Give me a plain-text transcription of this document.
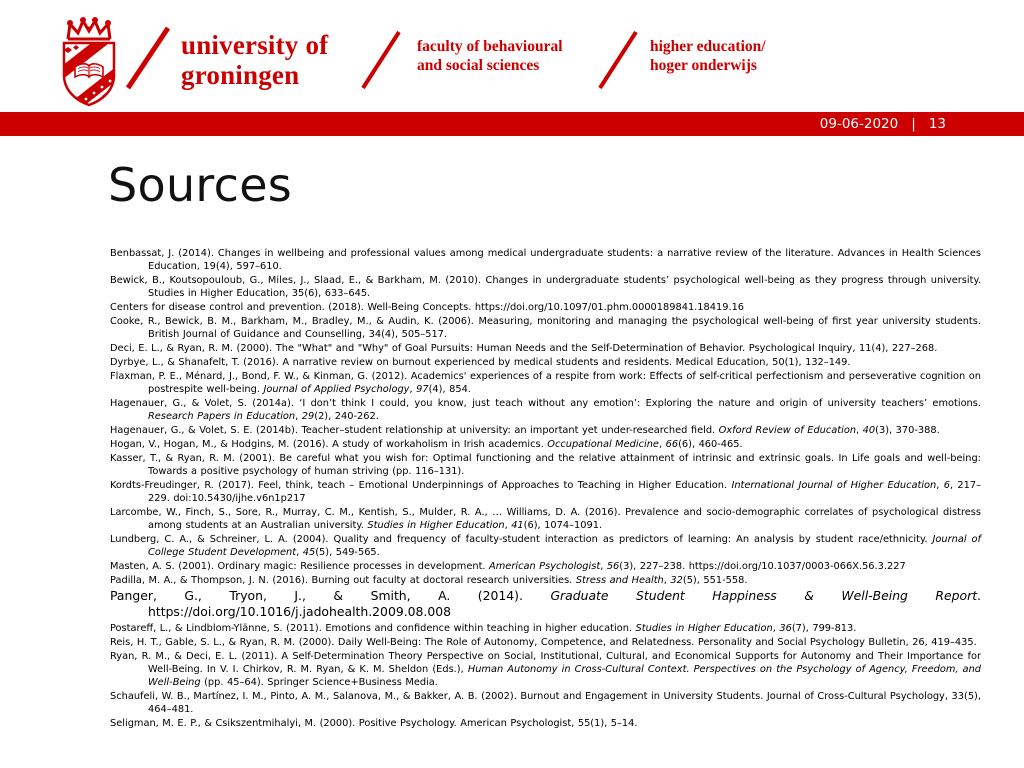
university of
groningen
faculty of behavioural
and social sciences
higher education/
hoger onderwijs
09-06-2020 | 13
Sources

Benbassat, J. (2014). Changes in wellbeing and professional values among medical undergraduate students: a narrative review of the literature. Advances in Health Sciences Education, 19(4), 597–610.

Bewick, B., Koutsopouloub, G., Miles, J., Slaad, E., & Barkham, M. (2010). Changes in undergraduate students’ psychological well-being as they progress through university. Studies in Higher Education, 35(6), 633–645.

Centers for disease control and prevention. (2018). Well-Being Concepts. https://doi.org/10.1097/01.phm.0000189841.18419.16

Cooke, R., Bewick, B. M., Barkham, M., Bradley, M., & Audin, K. (2006). Measuring, monitoring and managing the psychological well-being of first year university students. British Journal of Guidance and Counselling, 34(4), 505–517.

Deci, E. L., & Ryan, R. M. (2000). The "What" and "Why" of Goal Pursuits: Human Needs and the Self-Determination of Behavior. Psychological Inquiry, 11(4), 227–268.

Dyrbye, L., & Shanafelt, T. (2016). A narrative review on burnout experienced by medical students and residents. Medical Education, 50(1), 132–149.

Flaxman, P. E., Ménard, J., Bond, F. W., & Kinman, G. (2012). Academics' experiences of a respite from work: Effects of self-critical perfectionism and perseverative cognition on postrespite well-being. Journal of Applied Psychology, 97(4), 854.

Hagenauer, G., & Volet, S. (2014a). ‘I don’t think I could, you know, just teach without any emotion’: Exploring the nature and origin of university teachers’ emotions. Research Papers in Education, 29(2), 240-262.

Hagenauer, G., & Volet, S. E. (2014b). Teacher–student relationship at university: an important yet under-researched field. Oxford Review of Education, 40(3), 370-388.

Hogan, V., Hogan, M., & Hodgins, M. (2016). A study of workaholism in Irish academics. Occupational Medicine, 66(6), 460-465.

Kasser, T., & Ryan, R. M. (2001). Be careful what you wish for: Optimal functioning and the relative attainment of intrinsic and extrinsic goals. In Life goals and well-being: Towards a positive psychology of human striving (pp. 116–131).

Kordts-Freudinger, R. (2017). Feel, think, teach – Emotional Underpinnings of Approaches to Teaching in Higher Education. International Journal of Higher Education, 6, 217–229. doi:10.5430/ijhe.v6n1p217

Larcombe, W., Finch, S., Sore, R., Murray, C. M., Kentish, S., Mulder, R. A., … Williams, D. A. (2016). Prevalence and socio-demographic correlates of psychological distress among students at an Australian university. Studies in Higher Education, 41(6), 1074–1091.

Lundberg, C. A., & Schreiner, L. A. (2004). Quality and frequency of faculty-student interaction as predictors of learning: An analysis by student race/ethnicity. Journal of College Student Development, 45(5), 549-565.

Masten, A. S. (2001). Ordinary magic: Resilience processes in development. American Psychologist, 56(3), 227–238. https://doi.org/10.1037/0003-066X.56.3.227

Padilla, M. A., & Thompson, J. N. (2016). Burning out faculty at doctoral research universities. Stress and Health, 32(5), 551-558.

Panger, G., Tryon, J., & Smith, A. (2014). Graduate Student Happiness & Well-Being Report. https://doi.org/10.1016/j.jadohealth.2009.08.008

Postareff, L., & Lindblom-Ylänne, S. (2011). Emotions and confidence within teaching in higher education. Studies in Higher Education, 36(7), 799-813.

Reis, H. T., Gable, S. L., & Ryan, R. M. (2000). Daily Well-Being: The Role of Autonomy, Competence, and Relatedness. Personality and Social Psychology Bulletin, 26, 419–435.

Ryan, R. M., & Deci, E. L. (2011). A Self-Determination Theory Perspective on Social, Institutional, Cultural, and Economical Supports for Autonomy and Their Importance for Well-Being. In V. I. Chirkov, R. M. Ryan, & K. M. Sheldon (Eds.), Human Autonomy in Cross-Cultural Context. Perspectives on the Psychology of Agency, Freedom, and Well-Being (pp. 45–64). Springer Science+Business Media.

Schaufeli, W. B., Martínez, I. M., Pinto, A. M., Salanova, M., & Bakker, A. B. (2002). Burnout and Engagement in University Students. Journal of Cross-Cultural Psychology, 33(5), 464–481.

Seligman, M. E. P., & Csikszentmihalyi, M. (2000). Positive Psychology. American Psychologist, 55(1), 5–14.
